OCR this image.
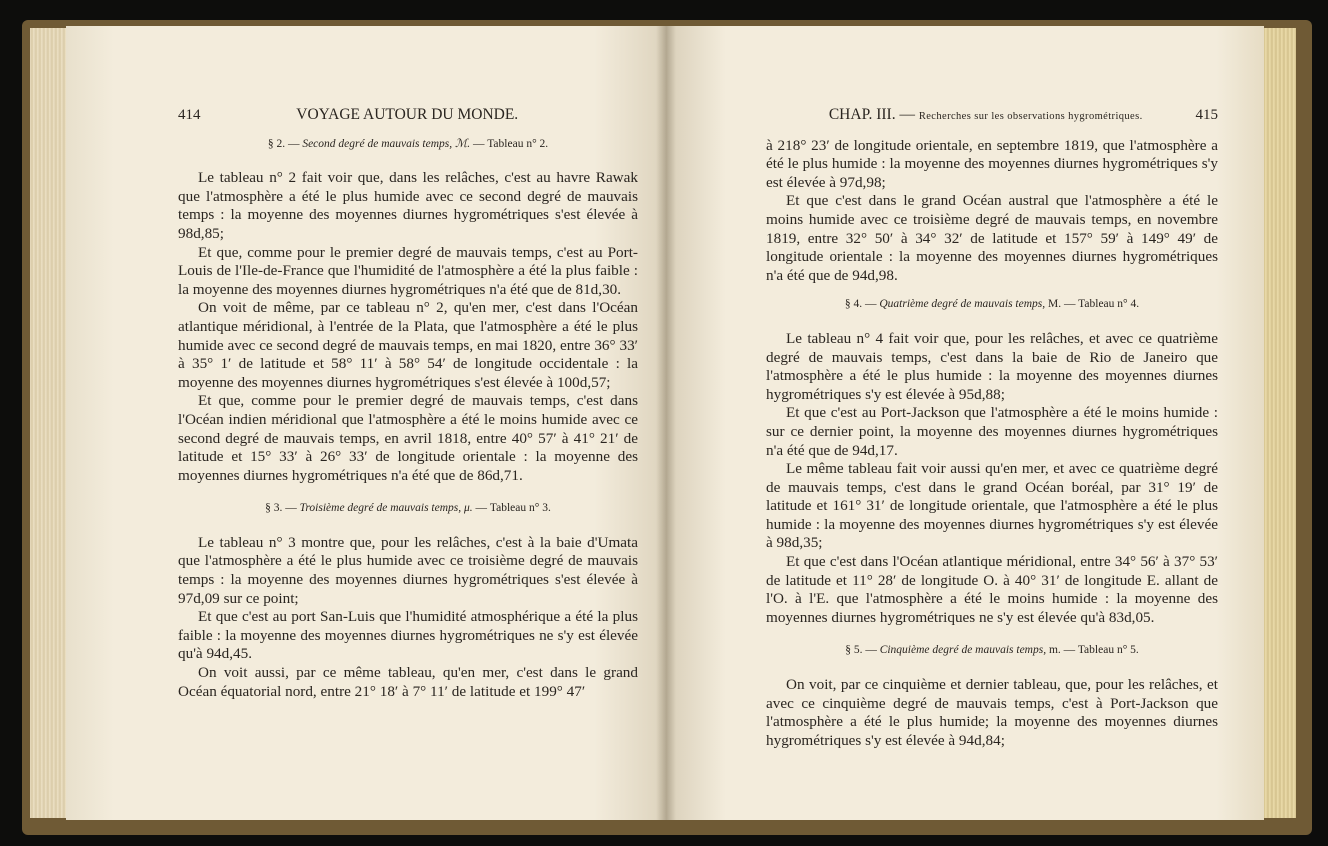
414	VOYAGE AUTOUR DU MONDE.
§ 2. — Second degré de mauvais temps, ℳ. — Tableau n° 2.

Le tableau n° 2 fait voir que, dans les relâches, c'est au havre Rawak que l'atmosphère a été le plus humide avec ce second degré de mauvais temps : la moyenne des moyennes diurnes hygrométriques s'est élevée à 98d,85;

Et que, comme pour le premier degré de mauvais temps, c'est au Port-Louis de l'Ile-de-France que l'humidité de l'atmosphère a été la plus faible : la moyenne des moyennes diurnes hygrométriques n'a été que de 81d,30.

On voit de même, par ce tableau n° 2, qu'en mer, c'est dans l'Océan atlantique méridional, à l'entrée de la Plata, que l'atmosphère a été le plus humide avec ce second degré de mauvais temps, en mai 1820, entre 36° 33′ à 35° 1′ de latitude et 58° 11′ à 58° 54′ de longitude occidentale : la moyenne des moyennes diurnes hygrométriques s'est élevée à 100d,57;

Et que, comme pour le premier degré de mauvais temps, c'est dans l'Océan indien méridional que l'atmosphère a été le moins humide avec ce second degré de mauvais temps, en avril 1818, entre 40° 57′ à 41° 21′ de latitude et 15° 33′ à 26° 33′ de longitude orientale : la moyenne des moyennes diurnes hygrométriques n'a été que de 86d,71.

§ 3. — Troisième degré de mauvais temps, μ. — Tableau n° 3.

Le tableau n° 3 montre que, pour les relâches, c'est à la baie d'Umata que l'atmosphère a été le plus humide avec ce troisième degré de mauvais temps : la moyenne des moyennes diurnes hygrométriques s'est élevée à 97d,09 sur ce point;

Et que c'est au port San-Luis que l'humidité atmosphérique a été la plus faible : la moyenne des moyennes diurnes hygrométriques ne s'y est élevée qu'à 94d,45.

On voit aussi, par ce même tableau, qu'en mer, c'est dans le grand Océan équatorial nord, entre 21° 18′ à 7° 11′ de latitude et 199° 47′

CHAP. III. — Recherches sur les observations hygrométriques.	415

à 218° 23′ de longitude orientale, en septembre 1819, que l'atmosphère a été le plus humide : la moyenne des moyennes diurnes hygrométriques s'y est élevée à 97d,98;

Et que c'est dans le grand Océan austral que l'atmosphère a été le moins humide avec ce troisième degré de mauvais temps, en novembre 1819, entre 32° 50′ à 34° 32′ de latitude et 157° 59′ à 149° 49′ de longitude orientale : la moyenne des moyennes diurnes hygrométriques n'a été que de 94d,98.

§ 4. — Quatrième degré de mauvais temps, M. — Tableau n° 4.

Le tableau n° 4 fait voir que, pour les relâches, et avec ce quatrième degré de mauvais temps, c'est dans la baie de Rio de Janeiro que l'atmosphère a été le plus humide : la moyenne des moyennes diurnes hygrométriques s'y est élevée à 95d,88;

Et que c'est au Port-Jackson que l'atmosphère a été le moins humide : sur ce dernier point, la moyenne des moyennes diurnes hygrométriques n'a été que de 94d,17.

Le même tableau fait voir aussi qu'en mer, et avec ce quatrième degré de mauvais temps, c'est dans le grand Océan boréal, par 31° 19′ de latitude et 161° 31′ de longitude orientale, que l'atmosphère a été le plus humide : la moyenne des moyennes diurnes hygrométriques s'y est élevée à 98d,35;

Et que c'est dans l'Océan atlantique méridional, entre 34° 56′ à 37° 53′ de latitude et 11° 28′ de longitude O. à 40° 31′ de longitude E. allant de l'O. à l'E. que l'atmosphère a été le moins humide : la moyenne des moyennes diurnes hygrométriques ne s'y est élevée qu'à 83d,05.

§ 5. — Cinquième degré de mauvais temps, m. — Tableau n° 5.

On voit, par ce cinquième et dernier tableau, que, pour les relâches, et avec ce cinquième degré de mauvais temps, c'est à Port-Jackson que l'atmosphère a été le plus humide; la moyenne des moyennes diurnes hygrométriques s'y est élevée à 94d,84;
